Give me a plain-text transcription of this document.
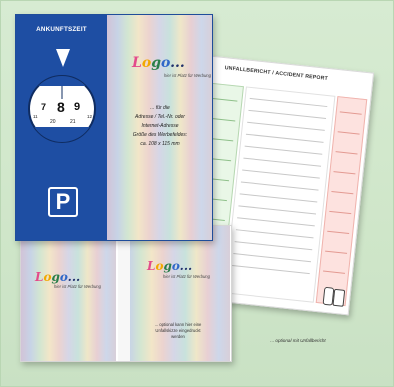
UNFALLBERICHT / ACCIDENT REPORT
Logo...
hier ist Platz für Werbung
Logo...
hier ist Platz für Werbung
... optional kann hier eine
Unfallskizze eingedruckt
werden
ANKUNFTSZEIT
7 8 9
20	21
11	12
P
Logo...
hier ist Platz für Werbung
... für die
Adresse / Tel.-Nr. oder
Internet-Adresse
Größe des Werbefeldes:
ca. 108 x 115 mm
... optional mit Unfallbericht
